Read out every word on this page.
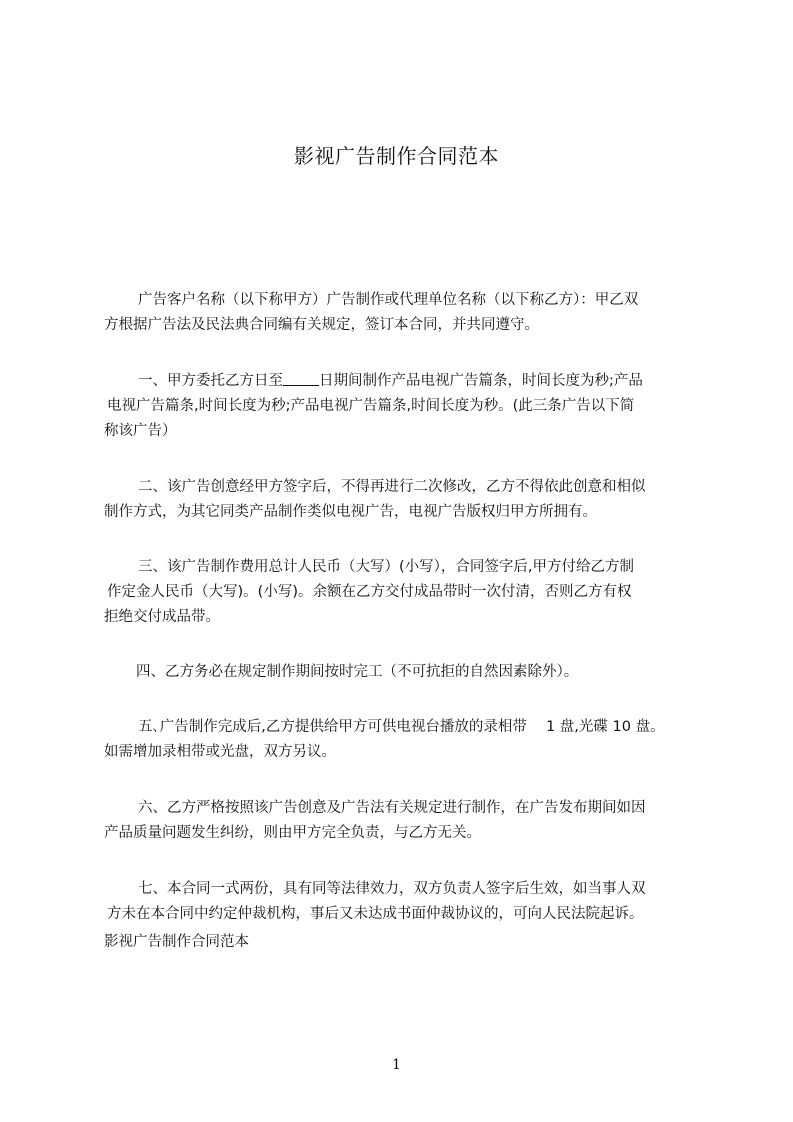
影视广告制作合同范本
广告客户名称（以下称甲方）广告制作或代理单位名称（以下称乙方）：甲乙双
方根据广告法及民法典合同编有关规定，签订本合同，并共同遵守。
一、甲方委托乙方日至 日期间制作产品电视广告篇条，时间长度为秒;产品
电视广告篇条,时间长度为秒;产品电视广告篇条,时间长度为秒。(此三条广告以下简
称该广告）
二、该广告创意经甲方签字后，不得再进行二次修改，乙方不得依此创意和相似
制作方式，为其它同类产品制作类似电视广告，电视广告版权归甲方所拥有。
三、该广告制作费用总计人民币（大写）(小写），合同签字后,甲方付给乙方制
作定金人民币（大写)。(小写)。余额在乙方交付成品带时一次付清，否则乙方有权
拒绝交付成品带。
四、乙方务必在规定制作期间按时完工（不可抗拒的自然因素除外）。
五､广告制作完成后,乙方提供给甲方可供电视台播放的录相带　 1 盘,光碟 10 盘。
如需增加录相带或光盘，双方另议。
六、乙方严格按照该广告创意及广告法有关规定进行制作，在广告发布期间如因
产品质量问题发生纠纷，则由甲方完全负责，与乙方无关。
七、本合同一式两份，具有同等法律效力，双方负责人签字后生效，如当事人双
方未在本合同中约定仲裁机构，事后又未达成书面仲裁协议的，可向人民法院起诉。
影视广告制作合同范本
1
